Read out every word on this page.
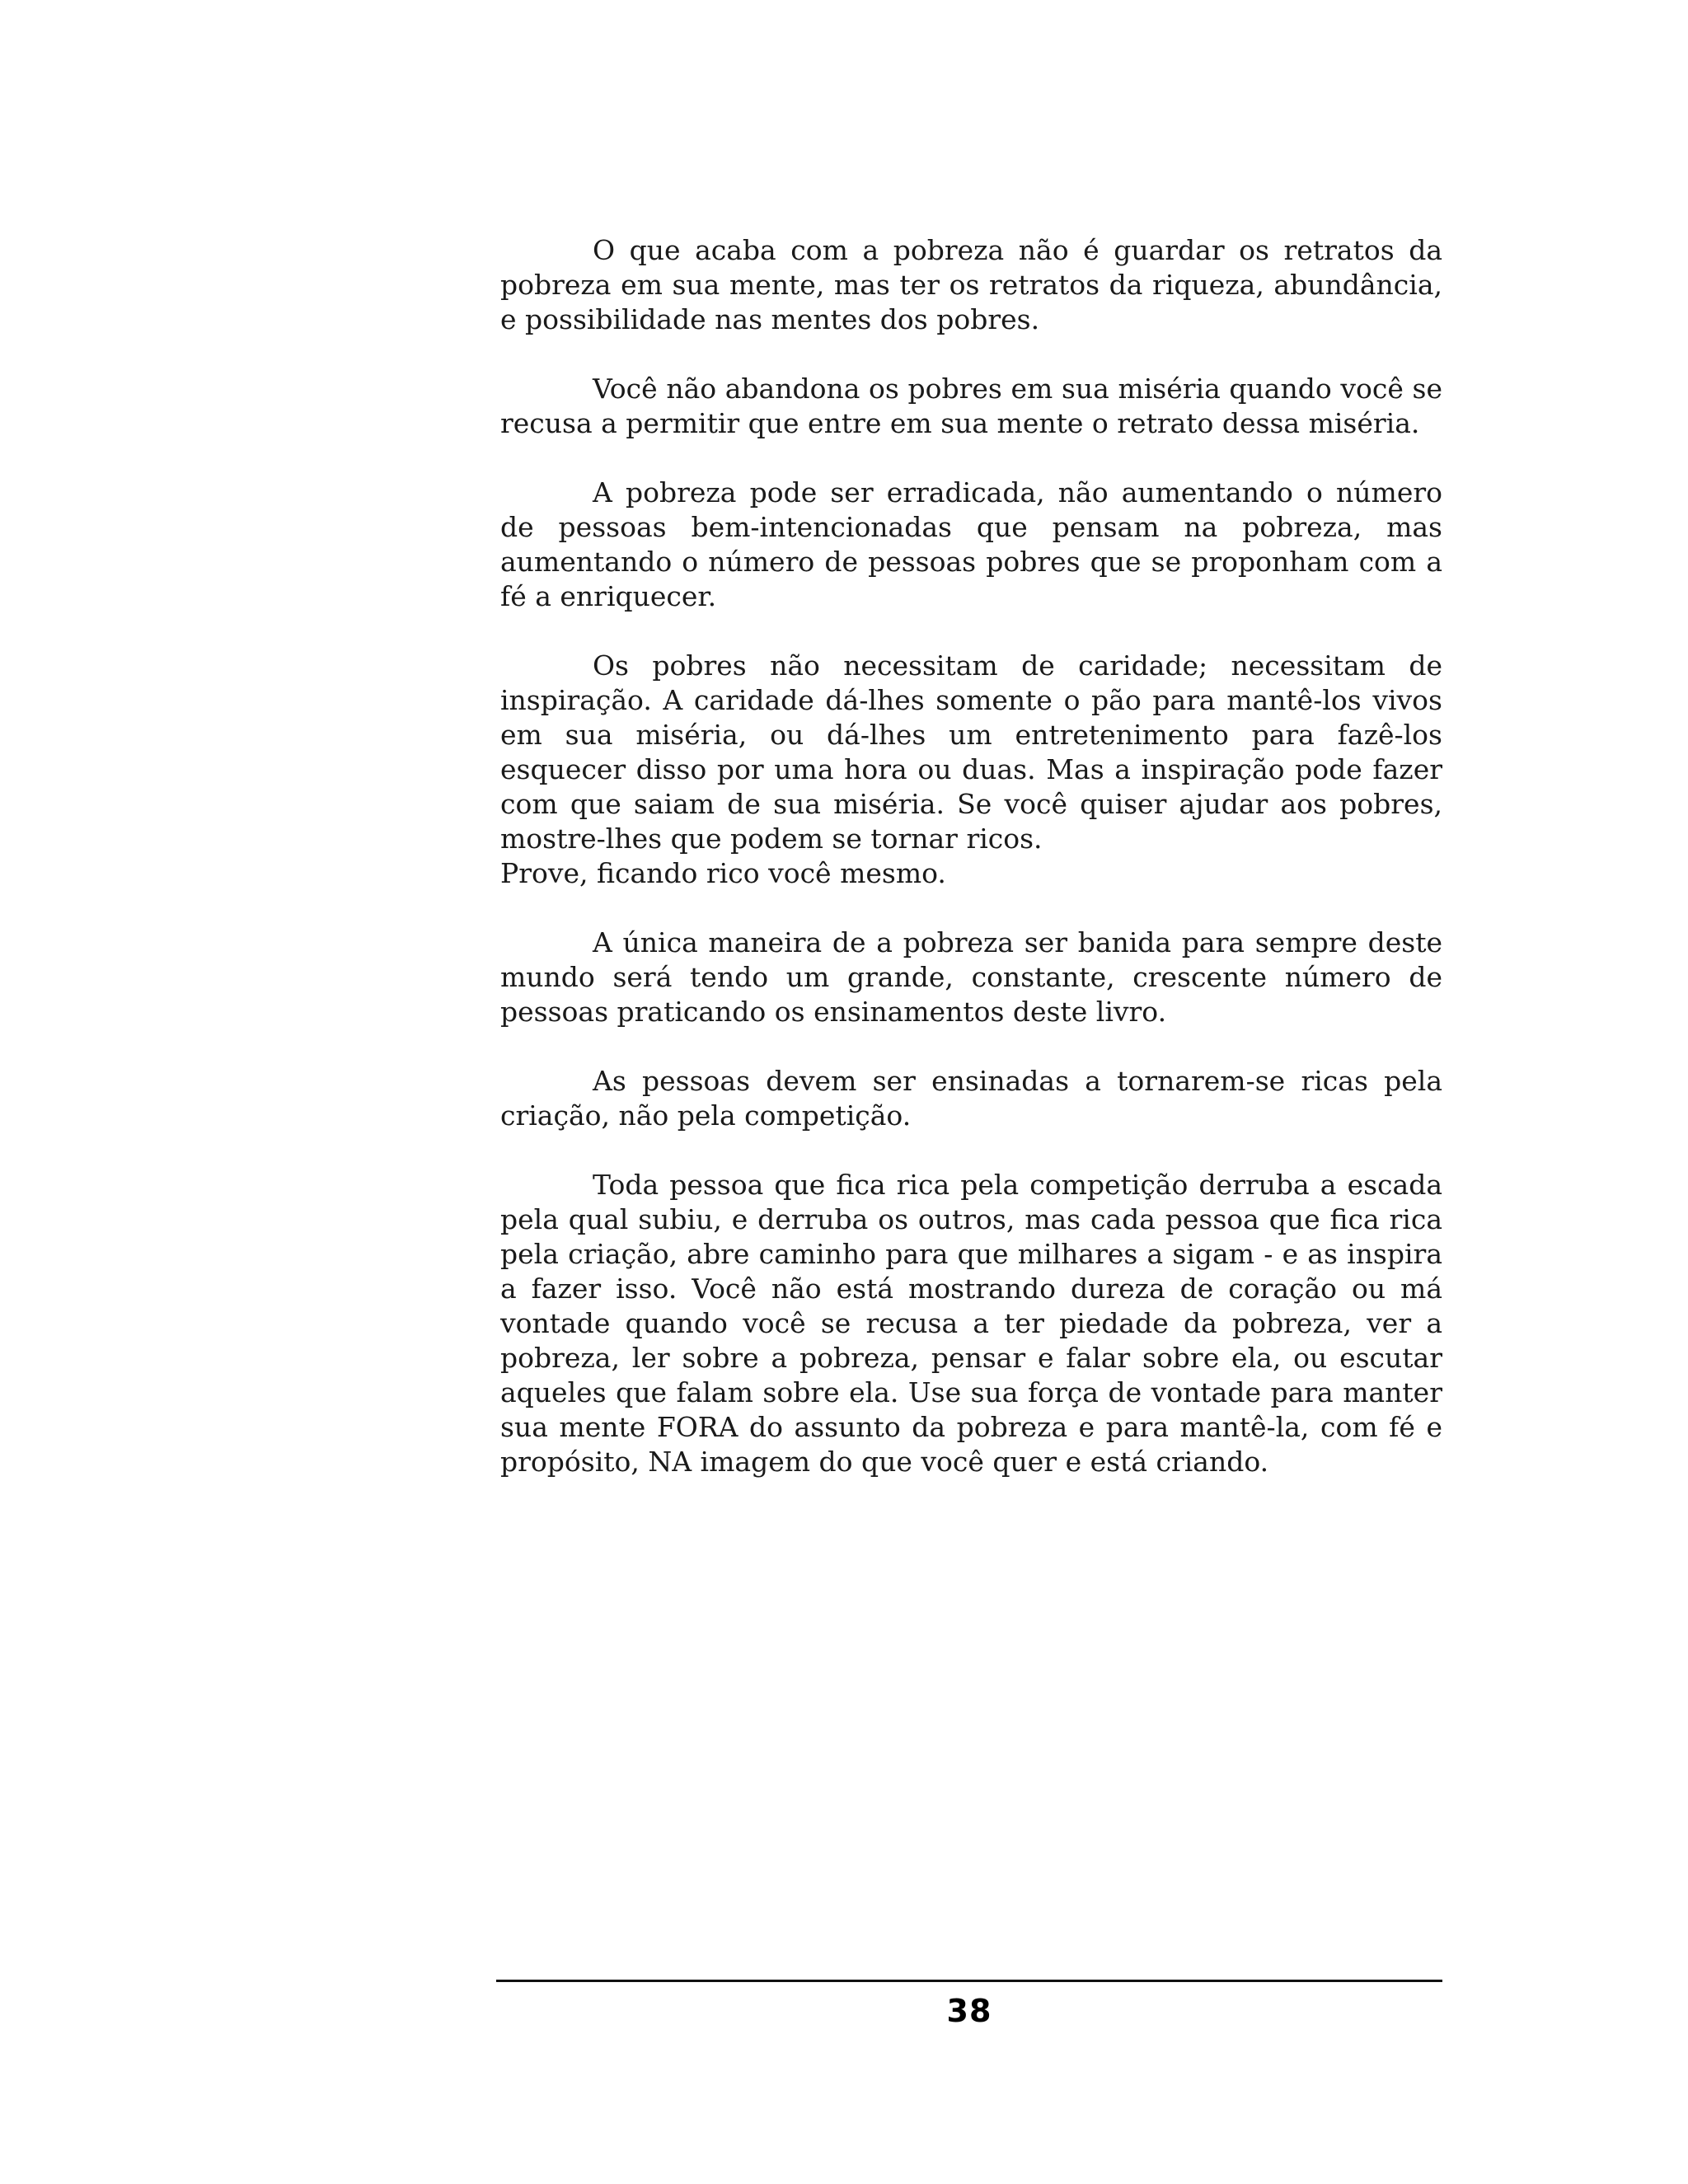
O que acaba com a pobreza não é guardar os retratos da pobreza em sua mente, mas ter os retratos da riqueza, abundância, e possibilidade nas mentes dos pobres.

Você não abandona os pobres em sua miséria quando você se recusa a permitir que entre em sua mente o retrato dessa miséria.

A pobreza pode ser erradicada, não aumentando o número de pessoas bem-intencionadas que pensam na pobreza, mas aumentando o número de pessoas pobres que se proponham com a fé a enriquecer.

Os pobres não necessitam de caridade; necessitam de inspiração. A caridade dá-lhes somente o pão para mantê-los vivos em sua miséria, ou dá-lhes um entretenimento para fazê-los esquecer disso por uma hora ou duas. Mas a inspiração pode fazer com que saiam de sua miséria. Se você quiser ajudar aos pobres, mostre-lhes que podem se tornar ricos.

Prove, ficando rico você mesmo.

A única maneira de a pobreza ser banida para sempre deste mundo será tendo um grande, constante, crescente número de pessoas praticando os ensinamentos deste livro.

As pessoas devem ser ensinadas a tornarem-se ricas pela criação, não pela competição.

Toda pessoa que fica rica pela competição derruba a escada pela qual subiu, e derruba os outros, mas cada pessoa que fica rica pela criação, abre caminho para que milhares a sigam - e as inspira a fazer isso. Você não está mostrando dureza de coração ou má vontade quando você se recusa a ter piedade da pobreza, ver a pobreza, ler sobre a pobreza, pensar e falar sobre ela, ou escutar aqueles que falam sobre ela. Use sua força de vontade para manter sua mente FORA do assunto da pobreza e para mantê-la, com fé e propósito, NA imagem do que você quer e está criando.

38
